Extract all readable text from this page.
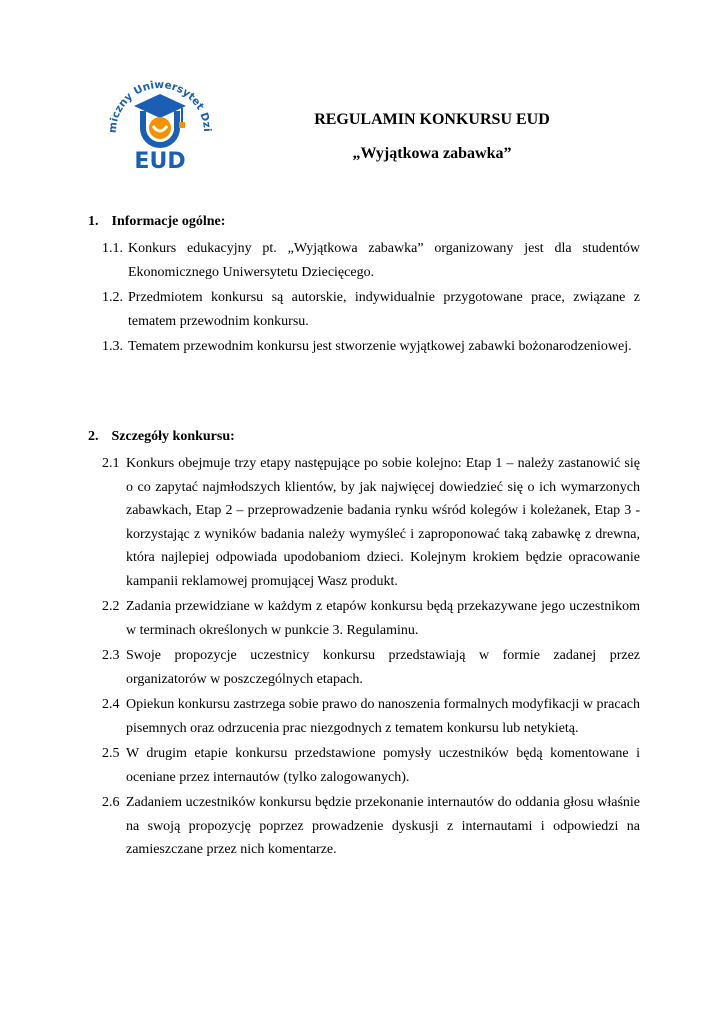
miczny Uniwersytet Dzi
EUD

REGULAMIN KONKURSU EUD

„Wyjątkowa zabawka”

1. Informacje ogólne:

1.1. Konkurs edukacyjny pt. „Wyjątkowa zabawka” organizowany jest dla studentów Ekonomicznego Uniwersytetu Dziecięcego.
1.2. Przedmiotem konkursu są autorskie, indywidualnie przygotowane prace, związane z tematem przewodnim konkursu.
1.3. Tematem przewodnim konkursu jest stworzenie wyjątkowej zabawki bożonarodzeniowej.

2. Szczegóły konkursu:

2.1 Konkurs obejmuje trzy etapy następujące po sobie kolejno: Etap 1 – należy zastanowić się o co zapytać najmłodszych klientów, by jak najwięcej dowiedzieć się o ich wymarzonych zabawkach, Etap 2 – przeprowadzenie badania rynku wśród kolegów i koleżanek, Etap 3 - korzystając z wyników badania należy wymyśleć i zaproponować taką zabawkę z drewna, która najlepiej odpowiada upodobaniom dzieci. Kolejnym krokiem będzie opracowanie kampanii reklamowej promującej Wasz produkt.
2.2 Zadania przewidziane w każdym z etapów konkursu będą przekazywane jego uczestnikom w terminach określonych w punkcie 3. Regulaminu.
2.3 Swoje propozycje uczestnicy konkursu przedstawiają w formie zadanej przez organizatorów w poszczególnych etapach.
2.4 Opiekun konkursu zastrzega sobie prawo do nanoszenia formalnych modyfikacji w pracach pisemnych oraz odrzucenia prac niezgodnych z tematem konkursu lub netykietą.
2.5 W drugim etapie konkursu przedstawione pomysły uczestników będą komentowane i oceniane przez internautów (tylko zalogowanych).
2.6 Zadaniem uczestników konkursu będzie przekonanie internautów do oddania głosu właśnie na swoją propozycję poprzez prowadzenie dyskusji z internautami i odpowiedzi na zamieszczane przez nich komentarze.
